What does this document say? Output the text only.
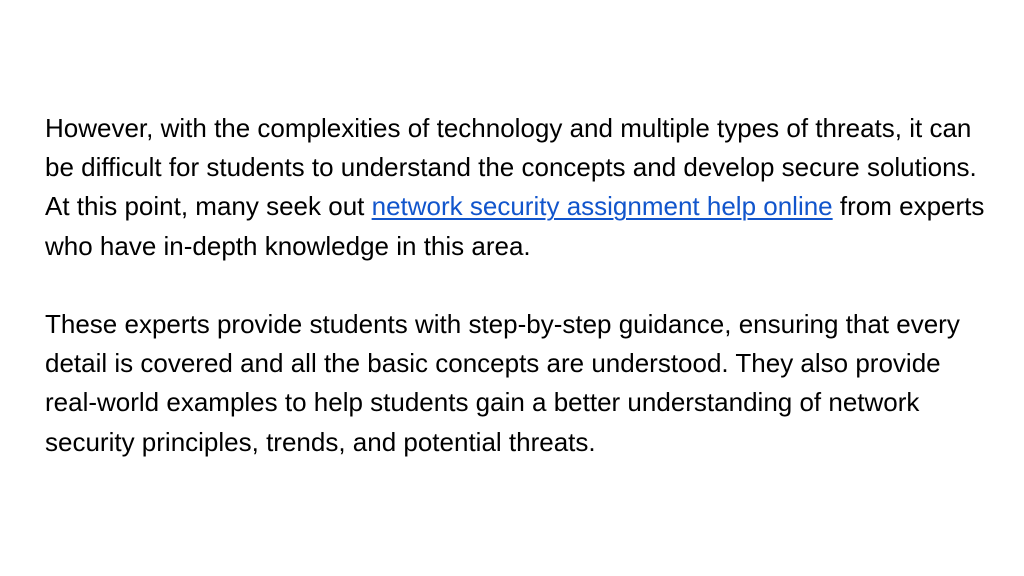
However, with the complexities of technology and multiple types of threats, it can be difficult for students to understand the concepts and develop secure solutions. At this point, many seek out network security assignment help online from experts who have in-depth knowledge in this area.

These experts provide students with step-by-step guidance, ensuring that every detail is covered and all the basic concepts are understood. They also provide real-world examples to help students gain a better understanding of network security principles, trends, and potential threats.
